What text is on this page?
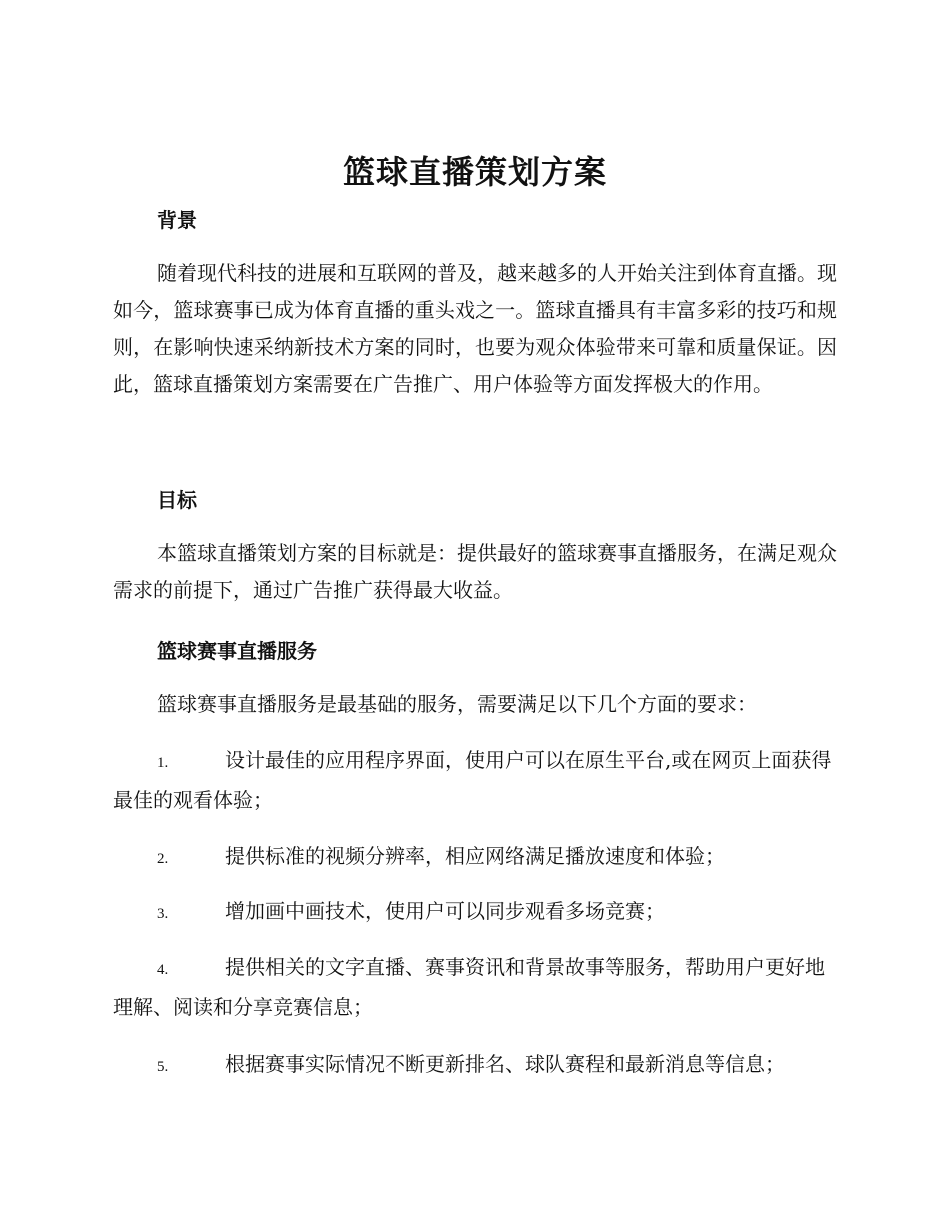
篮球直播策划方案
背景

随着现代科技的进展和互联网的普及，越来越多的人开始关注到体育直播。现如今，篮球赛事已成为体育直播的重头戏之一。篮球直播具有丰富多彩的技巧和规则，在影响快速采纳新技术方案的同时，也要为观众体验带来可靠和质量保证。因此，篮球直播策划方案需要在广告推广、用户体验等方面发挥极大的作用。

目标

本篮球直播策划方案的目标就是：提供最好的篮球赛事直播服务，在满足观众需求的前提下，通过广告推广获得最大收益。

篮球赛事直播服务

篮球赛事直播服务是最基础的服务，需要满足以下几个方面的要求：

1.	设计最佳的应用程序界面，使用户可以在原生平台,或在网页上面获得最佳的观看体验；

2.	提供标准的视频分辨率，相应网络满足播放速度和体验；

3.	增加画中画技术，使用户可以同步观看多场竞赛；

4.	提供相关的文字直播、赛事资讯和背景故事等服务，帮助用户更好地理解、阅读和分享竞赛信息；

5.	根据赛事实际情况不断更新排名、球队赛程和最新消息等信息；
